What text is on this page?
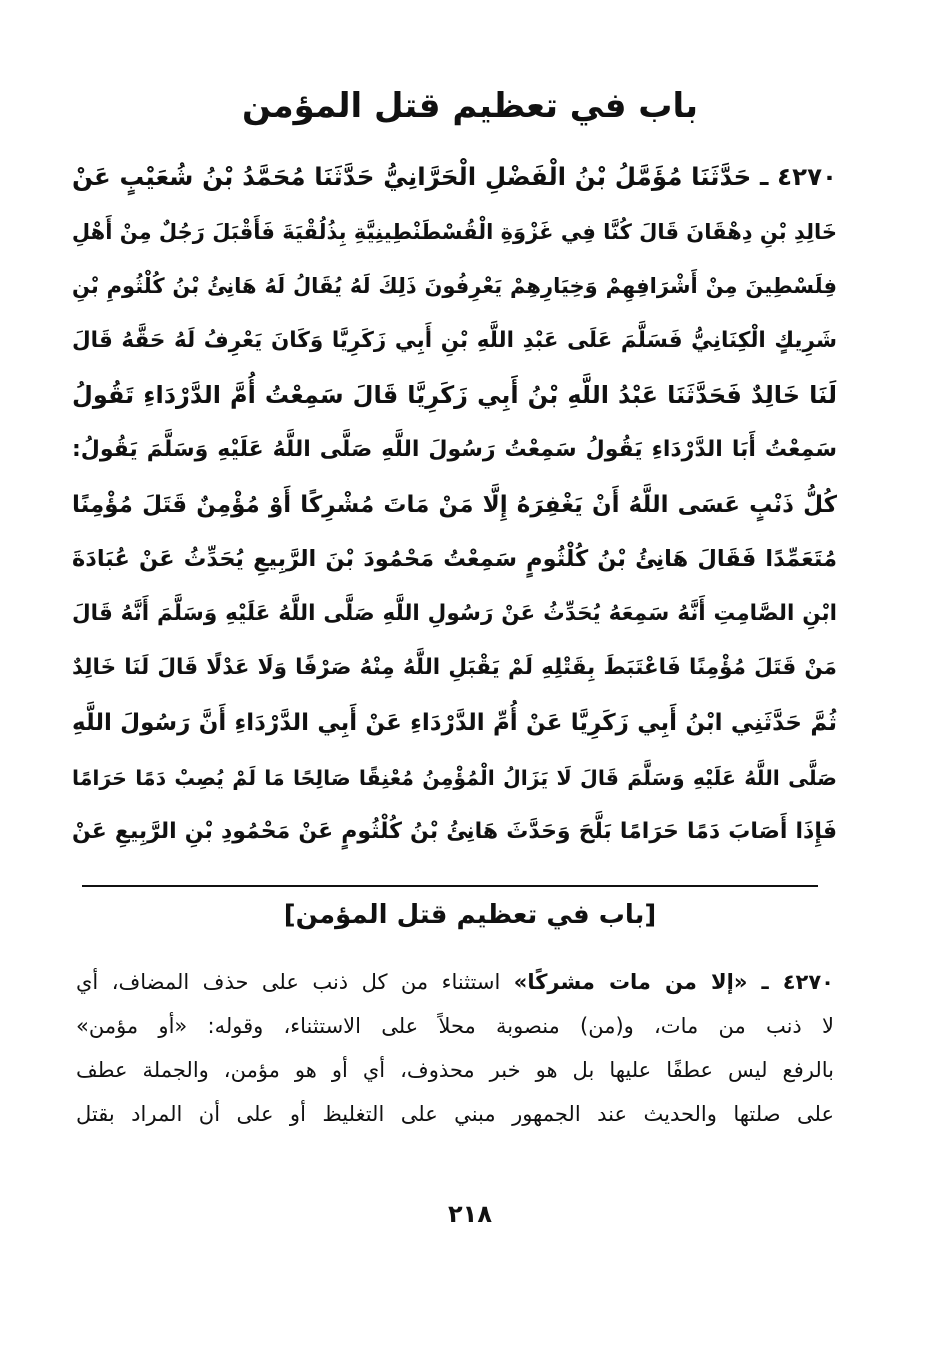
باب في تعظيم قتل المؤمن
٤٢٧٠ ـ حَدَّثَنَا مُؤَمَّلُ بْنُ الْفَضْلِ الْحَرَّانِيُّ حَدَّثَنَا مُحَمَّدُ بْنُ شُعَيْبٍ عَنْ
خَالِدِ بْنِ دِهْقَانَ قَالَ كُنَّا فِي غَزْوَةِ الْقُسْطَنْطِينِيَّةِ بِذُلُقْيَةَ فَأَقْبَلَ رَجُلٌ مِنْ أَهْلِ
فِلَسْطِينَ مِنْ أَشْرَافِهِمْ وَخِيَارِهِمْ يَعْرِفُونَ ذَلِكَ لَهُ يُقَالُ لَهُ هَانِئُ بْنُ كُلْثُومِ بْنِ
شَرِيكٍ الْكِنَانِيُّ فَسَلَّمَ عَلَى عَبْدِ اللَّهِ بْنِ أَبِي زَكَرِيَّا وَكَانَ يَعْرِفُ لَهُ حَقَّهُ قَالَ
لَنَا خَالِدٌ فَحَدَّثَنَا عَبْدُ اللَّهِ بْنُ أَبِي زَكَرِيَّا قَالَ سَمِعْتُ أُمَّ الدَّرْدَاءِ تَقُولُ
سَمِعْتُ أَبَا الدَّرْدَاءِ يَقُولُ سَمِعْتُ رَسُولَ اللَّهِ صَلَّى اللَّهُ عَلَيْهِ وَسَلَّمَ يَقُولُ:
كُلُّ ذَنْبٍ عَسَى اللَّهُ أَنْ يَغْفِرَهُ إِلَّا مَنْ مَاتَ مُشْرِكًا أَوْ مُؤْمِنٌ قَتَلَ مُؤْمِنًا
مُتَعَمِّدًا فَقَالَ هَانِئُ بْنُ كُلْثُومٍ سَمِعْتُ مَحْمُودَ بْنَ الرَّبِيعِ يُحَدِّثُ عَنْ عُبَادَةَ
ابْنِ الصَّامِتِ أَنَّهُ سَمِعَهُ يُحَدِّثُ عَنْ رَسُولِ اللَّهِ صَلَّى اللَّهُ عَلَيْهِ وَسَلَّمَ أَنَّهُ قَالَ
مَنْ قَتَلَ مُؤْمِنًا فَاعْتَبَطَ بِقَتْلِهِ لَمْ يَقْبَلِ اللَّهُ مِنْهُ صَرْفًا وَلَا عَدْلًا قَالَ لَنَا خَالِدٌ
ثُمَّ حَدَّثَنِي ابْنُ أَبِي زَكَرِيَّا عَنْ أُمِّ الدَّرْدَاءِ عَنْ أَبِي الدَّرْدَاءِ أَنَّ رَسُولَ اللَّهِ
صَلَّى اللَّهُ عَلَيْهِ وَسَلَّمَ قَالَ لَا يَزَالُ الْمُؤْمِنُ مُعْنِقًا صَالِحًا مَا لَمْ يُصِبْ دَمًا حَرَامًا
فَإِذَا أَصَابَ دَمًا حَرَامًا بَلَّحَ وَحَدَّثَ هَانِئُ بْنُ كُلْثُومٍ عَنْ مَحْمُودِ بْنِ الرَّبِيعِ عَنْ
[باب في تعظيم قتل المؤمن]
٤٢٧٠ ـ «إلا من مات مشركًا» استثناء من كل ذنب على حذف المضاف، أي
لا ذنب من مات، و(من) منصوبة محلاً على الاستثناء، وقوله: «أو مؤمن»
بالرفع ليس عطفًا عليها بل هو خبر محذوف، أي أو هو مؤمن، والجملة عطف
على صلتها والحديث عند الجمهور مبني على التغليظ أو على أن المراد بقتل
٢١٨
